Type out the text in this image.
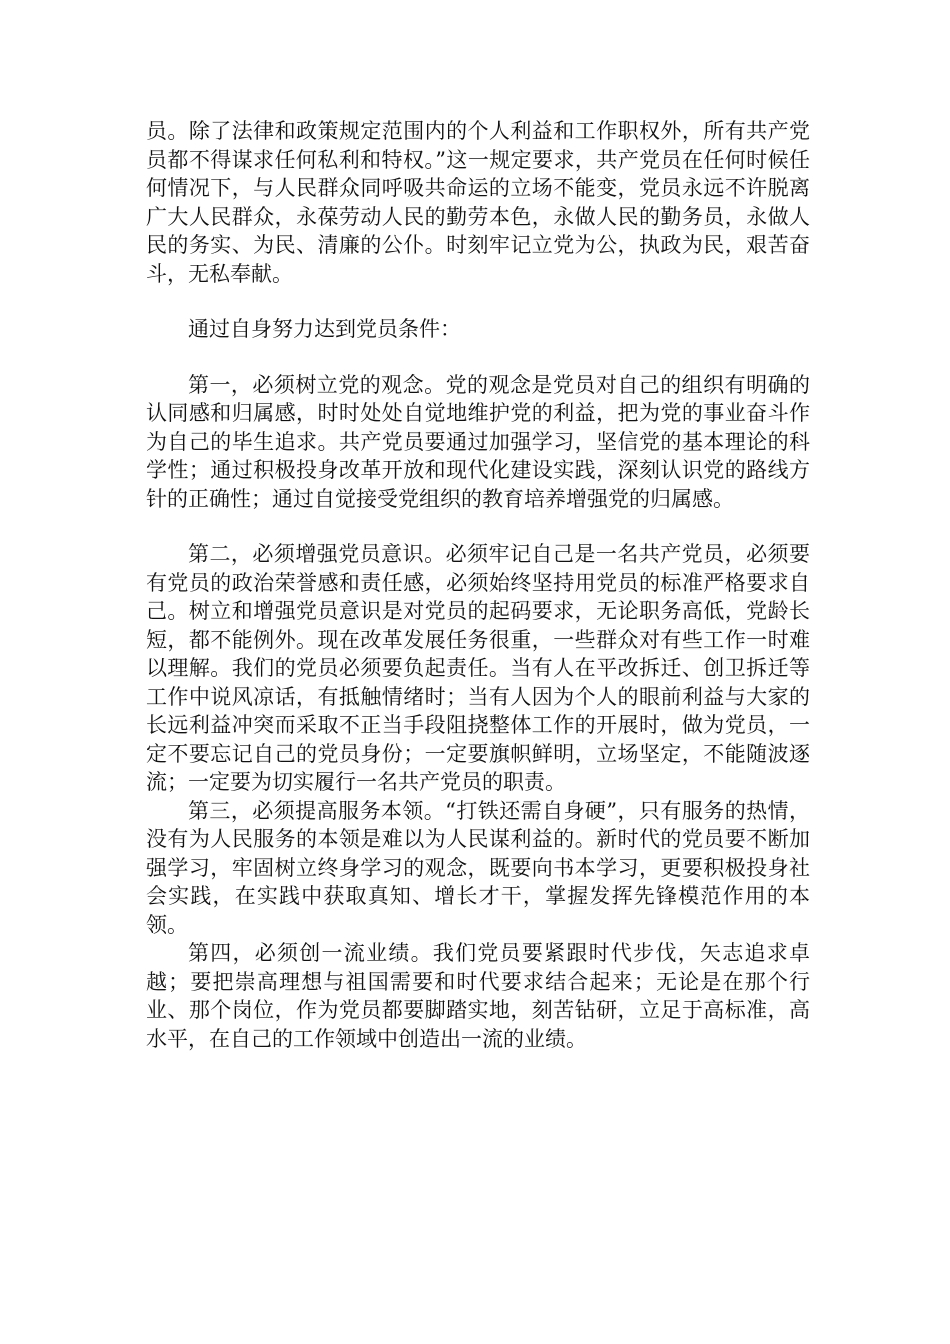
员。除了法律和政策规定范围内的个人利益和工作职权外，所有共产党员都不得谋求任何私利和特权。”这一规定要求，共产党员在任何时候任何情况下，与人民群众同呼吸共命运的立场不能变，党员永远不许脱离广大人民群众，永葆劳动人民的勤劳本色，永做人民的勤务员，永做人民的务实、为民、清廉的公仆。时刻牢记立党为公，执政为民，艰苦奋斗，无私奉献。

通过自身努力达到党员条件：

第一，必须树立党的观念。党的观念是党员对自己的组织有明确的认同感和归属感，时时处处自觉地维护党的利益，把为党的事业奋斗作为自己的毕生追求。共产党员要通过加强学习，坚信党的基本理论的科学性；通过积极投身改革开放和现代化建设实践，深刻认识党的路线方针的正确性；通过自觉接受党组织的教育培养增强党的归属感。

第二，必须增强党员意识。必须牢记自己是一名共产党员，必须要有党员的政治荣誉感和责任感，必须始终坚持用党员的标准严格要求自己。树立和增强党员意识是对党员的起码要求，无论职务高低，党龄长短，都不能例外。现在改革发展任务很重，一些群众对有些工作一时难以理解。我们的党员必须要负起责任。当有人在平改拆迁、创卫拆迁等工作中说风凉话，有抵触情绪时；当有人因为个人的眼前利益与大家的长远利益冲突而采取不正当手段阻挠整体工作的开展时，做为党员，一定不要忘记自己的党员身份；一定要旗帜鲜明，立场坚定，不能随波逐流；一定要为切实履行一名共产党员的职责。

第三，必须提高服务本领。“打铁还需自身硬”，只有服务的热情，没有为人民服务的本领是难以为人民谋利益的。新时代的党员要不断加强学习，牢固树立终身学习的观念，既要向书本学习，更要积极投身社会实践，在实践中获取真知、增长才干，掌握发挥先锋模范作用的本领。

第四，必须创一流业绩。我们党员要紧跟时代步伐，矢志追求卓越；要把崇高理想与祖国需要和时代要求结合起来；无论是在那个行业、那个岗位，作为党员都要脚踏实地，刻苦钻研，立足于高标准，高水平，在自己的工作领域中创造出一流的业绩。
